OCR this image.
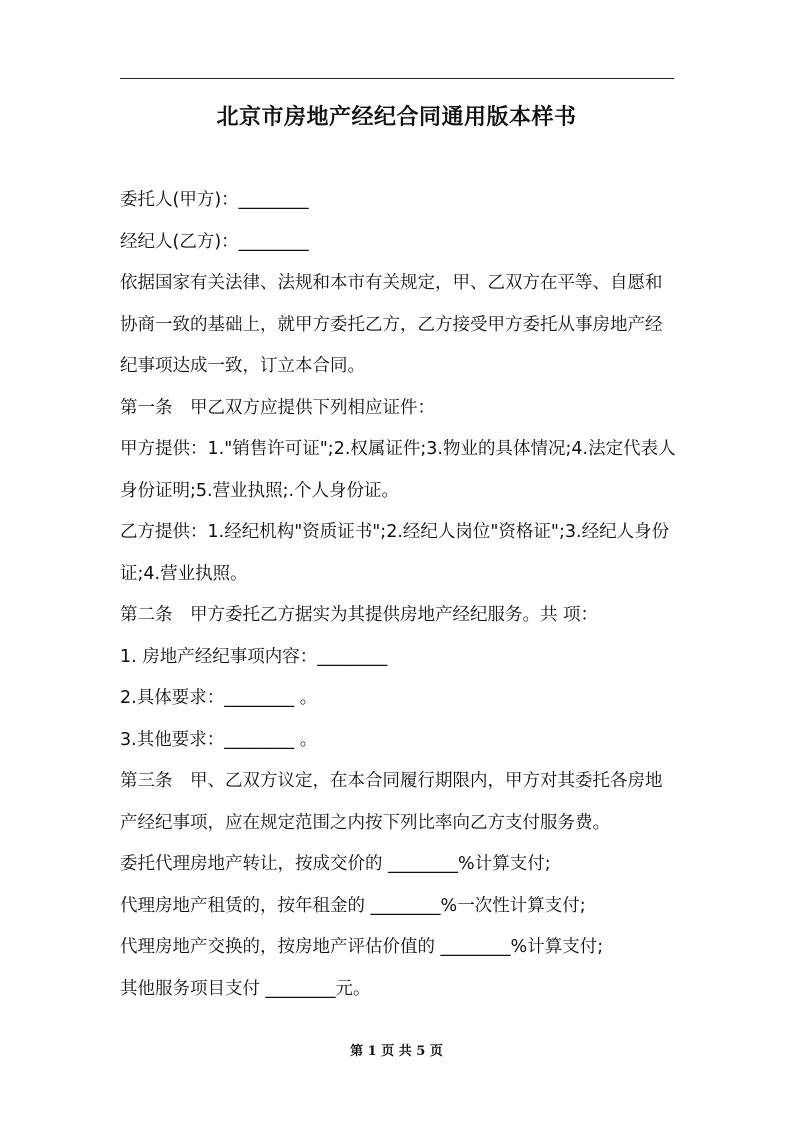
北京市房地产经纪合同通用版本样书

委托人(甲方)：________

经纪人(乙方)：________

依据国家有关法律、法规和本市有关规定，甲、乙双方在平等、自愿和协商一致的基础上，就甲方委托乙方，乙方接受甲方委托从事房地产经纪事项达成一致，订立本合同。

第一条　甲乙双方应提供下列相应证件：

甲方提供：1."销售许可证";2.权属证件;3.物业的具体情况;4.法定代表人身份证明;5.营业执照;.个人身份证。

乙方提供：1.经纪机构"资质证书";2.经纪人岗位"资格证";3.经纪人身份证;4.营业执照。

第二条　甲方委托乙方据实为其提供房地产经纪服务。共 项：

1. 房地产经纪事项内容：________

2.具体要求：________ 。

3.其他要求：________ 。

第三条　甲、乙双方议定，在本合同履行期限内，甲方对其委托各房地产经纪事项，应在规定范围之内按下列比率向乙方支付服务费。

委托代理房地产转让，按成交价的 ________%计算支付;

代理房地产租赁的，按年租金的 ________%一次性计算支付;

代理房地产交换的，按房地产评估价值的 ________%计算支付;

其他服务项目支付 ________元。

第 1 页 共 5 页
